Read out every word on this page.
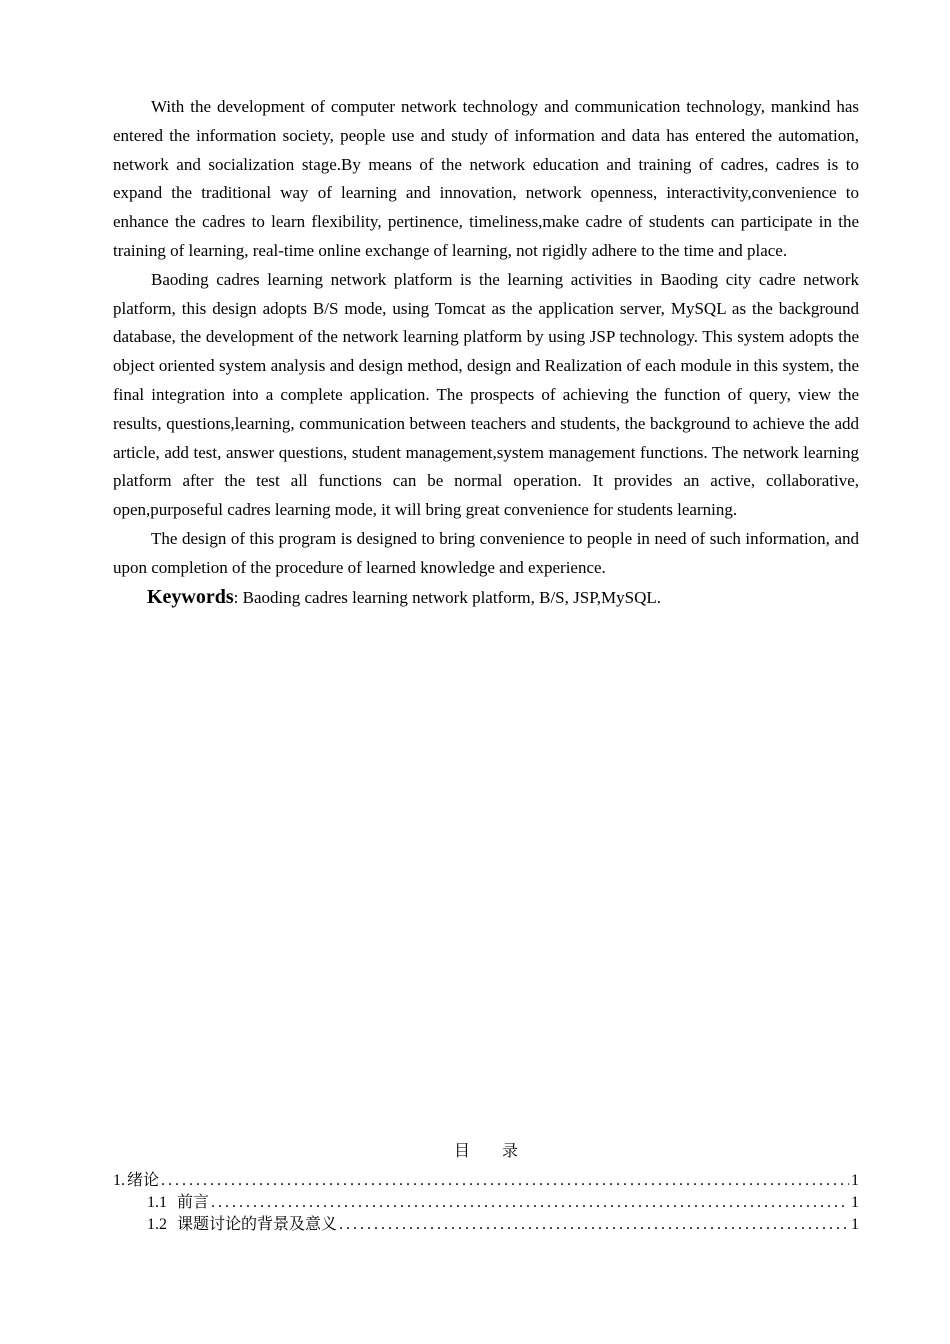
With the development of computer network technology and communication technology, mankind has entered the information society, people use and study of information and data has entered the automation, network and socialization stage.By means of the network education and training of cadres, cadres is to expand the traditional way of learning and innovation, network openness, interactivity,convenience to enhance the cadres to learn flexibility, pertinence, timeliness,make cadre of students can participate in the training of learning, real-time online exchange of learning, not rigidly adhere to the time and place.

Baoding cadres learning network platform is the learning activities in Baoding city cadre network platform, this design adopts B/S mode, using Tomcat as the application server, MySQL as the background database, the development of the network learning platform by using JSP technology. This system adopts the object oriented system analysis and design method, design and Realization of each module in this system, the final integration into a complete application. The prospects of achieving the function of query, view the results, questions,learning, communication between teachers and students, the background to achieve the add article, add test, answer questions, student management,system management functions. The network learning platform after the test all functions can be normal operation. It provides an active, collaborative, open,purposeful cadres learning mode, it will bring great convenience for students learning.

The design of this program is designed to bring convenience to people in need of such information, and upon completion of the procedure of learned knowledge and experience.

Keywords: Baoding cadres learning network platform, B/S, JSP,MySQL.

目录
1. 绪论 .....	1
1.1 前言 .....	1
1.2 课题讨论的背景及意义 .....	1
